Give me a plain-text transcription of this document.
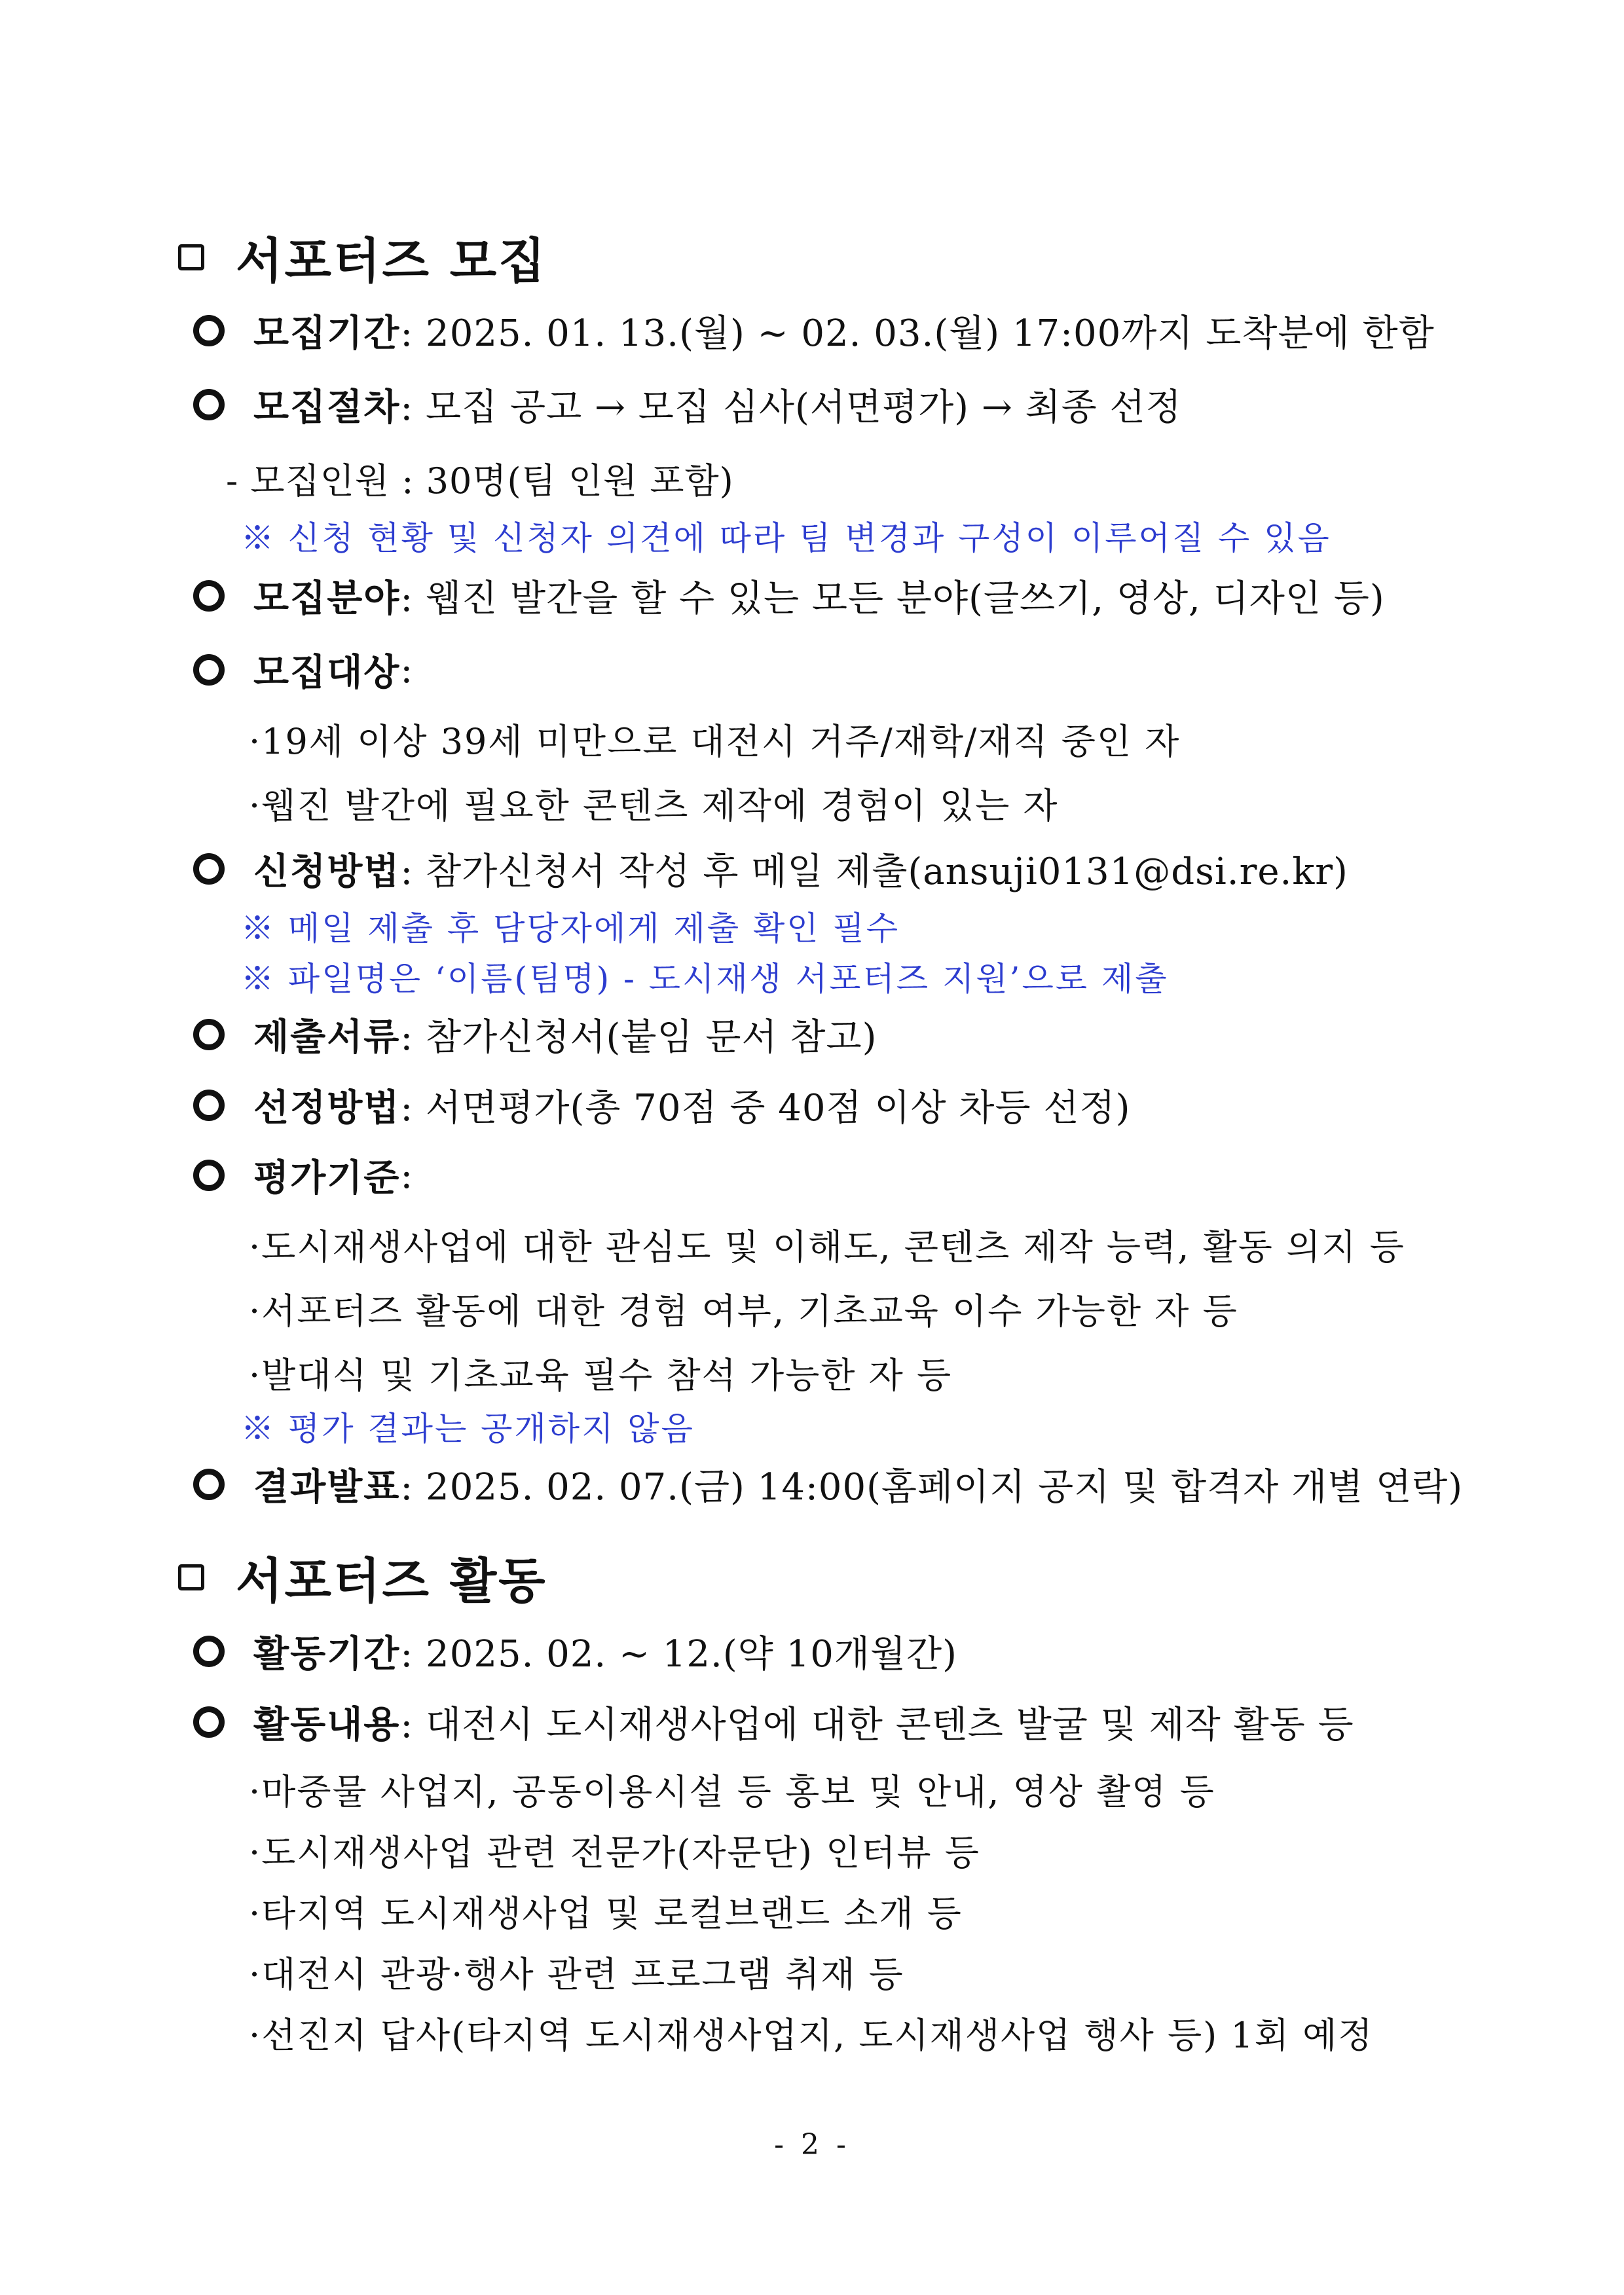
서포터즈 모집
모집기간 : 2025. 01. 13.(월) ~ 02. 03.(월) 17:00까지 도착분에 한함
모집절차 : 모집 공고 → 모집 심사(서면평가) → 최종 선정
- 모집인원 : 30명(팀 인원 포함)
※ 신청 현황 및 신청자 의견에 따라 팀 변경과 구성이 이루어질 수 있음
모집분야 : 웹진 발간을 할 수 있는 모든 분야(글쓰기, 영상, 디자인 등)
모집대상 :
·19세 이상 39세 미만으로 대전시 거주/재학/재직 중인 자
·웹진 발간에 필요한 콘텐츠 제작에 경험이 있는 자
신청방법 : 참가신청서 작성 후 메일 제출(ansuji0131@dsi.re.kr)
※ 메일 제출 후 담당자에게 제출 확인 필수
※ 파일명은 ‘이름(팀명) - 도시재생 서포터즈 지원’으로 제출
제출서류 : 참가신청서(붙임 문서 참고)
선정방법 : 서면평가(총 70점 중 40점 이상 차등 선정)
평가기준 :
·도시재생사업에 대한 관심도 및 이해도, 콘텐츠 제작 능력, 활동 의지 등
·서포터즈 활동에 대한 경험 여부, 기초교육 이수 가능한 자 등
·발대식 및 기초교육 필수 참석 가능한 자 등
※ 평가 결과는 공개하지 않음
결과발표 : 2025. 02. 07.(금) 14:00(홈페이지 공지 및 합격자 개별 연락)
서포터즈 활동
활동기간 : 2025. 02. ~ 12.(약 10개월간)
활동내용 : 대전시 도시재생사업에 대한 콘텐츠 발굴 및 제작 활동 등
·마중물 사업지, 공동이용시설 등 홍보 및 안내, 영상 촬영 등
·도시재생사업 관련 전문가(자문단) 인터뷰 등
·타지역 도시재생사업 및 로컬브랜드 소개 등
·대전시 관광·행사 관련 프로그램 취재 등
·선진지 답사(타지역 도시재생사업지, 도시재생사업 행사 등) 1회 예정
- 2 -
